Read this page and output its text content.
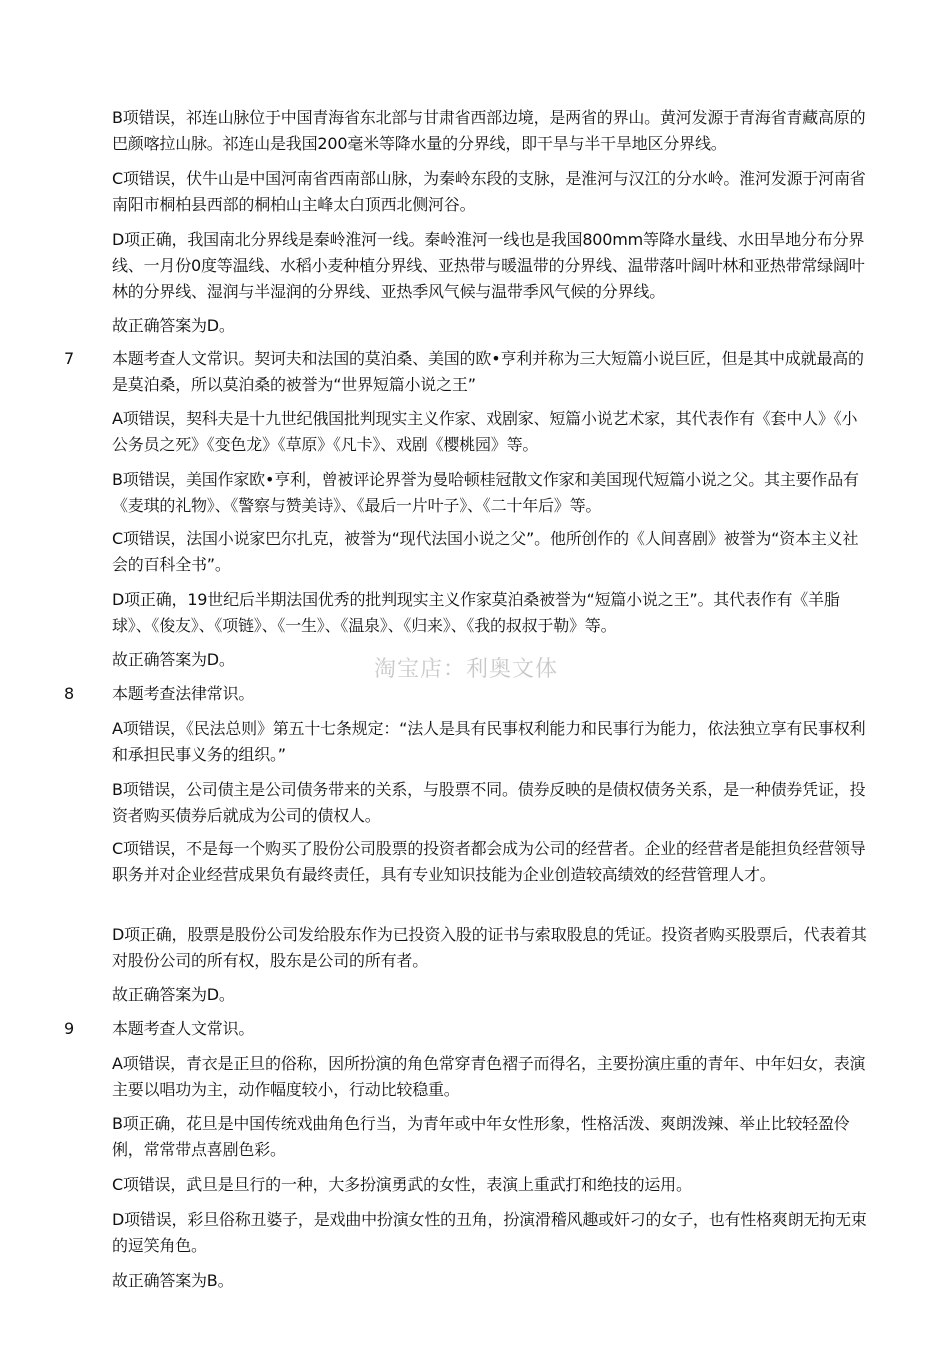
B项错误，祁连山脉位于中国青海省东北部与甘肃省西部边境，是两省的界山。黄河发源于青海省青藏高原的巴颜喀拉山脉。祁连山是我国200毫米等降水量的分界线，即干旱与半干旱地区分界线。

C项错误，伏牛山是中国河南省西南部山脉，为秦岭东段的支脉，是淮河与汉江的分水岭。淮河发源于河南省南阳市桐柏县西部的桐柏山主峰太白顶西北侧河谷。

D项正确，我国南北分界线是秦岭淮河一线。秦岭淮河一线也是我国800mm等降水量线、水田旱地分布分界线、一月份0度等温线、水稻小麦种植分界线、亚热带与暖温带的分界线、温带落叶阔叶林和亚热带常绿阔叶林的分界线、湿润与半湿润的分界线、亚热季风气候与温带季风气候的分界线。

故正确答案为D。

7 本题考查人文常识。契诃夫和法国的莫泊桑、美国的欧•亨利并称为三大短篇小说巨匠，但是其中成就最高的是莫泊桑，所以莫泊桑的被誉为“世界短篇小说之王”

A项错误，契科夫是十九世纪俄国批判现实主义作家、戏剧家、短篇小说艺术家，其代表作有《套中人》《小公务员之死》《变色龙》《草原》《凡卡》、戏剧《樱桃园》等。

B项错误，美国作家欧•亨利，曾被评论界誉为曼哈顿桂冠散文作家和美国现代短篇小说之父。其主要作品有《麦琪的礼物》、《警察与赞美诗》、《最后一片叶子》、《二十年后》等。

C项错误，法国小说家巴尔扎克，被誉为“现代法国小说之父”。他所创作的《人间喜剧》被誉为“资本主义社会的百科全书”。

D项正确，19世纪后半期法国优秀的批判现实主义作家莫泊桑被誉为“短篇小说之王”。其代表作有《羊脂球》、《俊友》、《项链》、《一生》、《温泉》、《归来》、《我的叔叔于勒》等。

故正确答案为D。	淘宝店：利奥文体

8 本题考查法律常识。

A项错误，《民法总则》第五十七条规定：“法人是具有民事权利能力和民事行为能力，依法独立享有民事权利和承担民事义务的组织。”

B项错误，公司债主是公司债务带来的关系，与股票不同。债券反映的是债权债务关系，是一种债券凭证，投资者购买债券后就成为公司的债权人。

C项错误，不是每一个购买了股份公司股票的投资者都会成为公司的经营者。企业的经营者是能担负经营领导职务并对企业经营成果负有最终责任，具有专业知识技能为企业创造较高绩效的经营管理人才。

D项正确，股票是股份公司发给股东作为已投资入股的证书与索取股息的凭证。投资者购买股票后，代表着其对股份公司的所有权，股东是公司的所有者。

故正确答案为D。

9 本题考查人文常识。

A项错误，青衣是正旦的俗称，因所扮演的角色常穿青色褶子而得名，主要扮演庄重的青年、中年妇女，表演主要以唱功为主，动作幅度较小，行动比较稳重。

B项正确，花旦是中国传统戏曲角色行当，为青年或中年女性形象，性格活泼、爽朗泼辣、举止比较轻盈伶俐，常常带点喜剧色彩。

C项错误，武旦是旦行的一种，大多扮演勇武的女性，表演上重武打和绝技的运用。

D项错误，彩旦俗称丑婆子，是戏曲中扮演女性的丑角，扮演滑稽风趣或奸刁的女子，也有性格爽朗无拘无束的逗笑角色。

故正确答案为B。
